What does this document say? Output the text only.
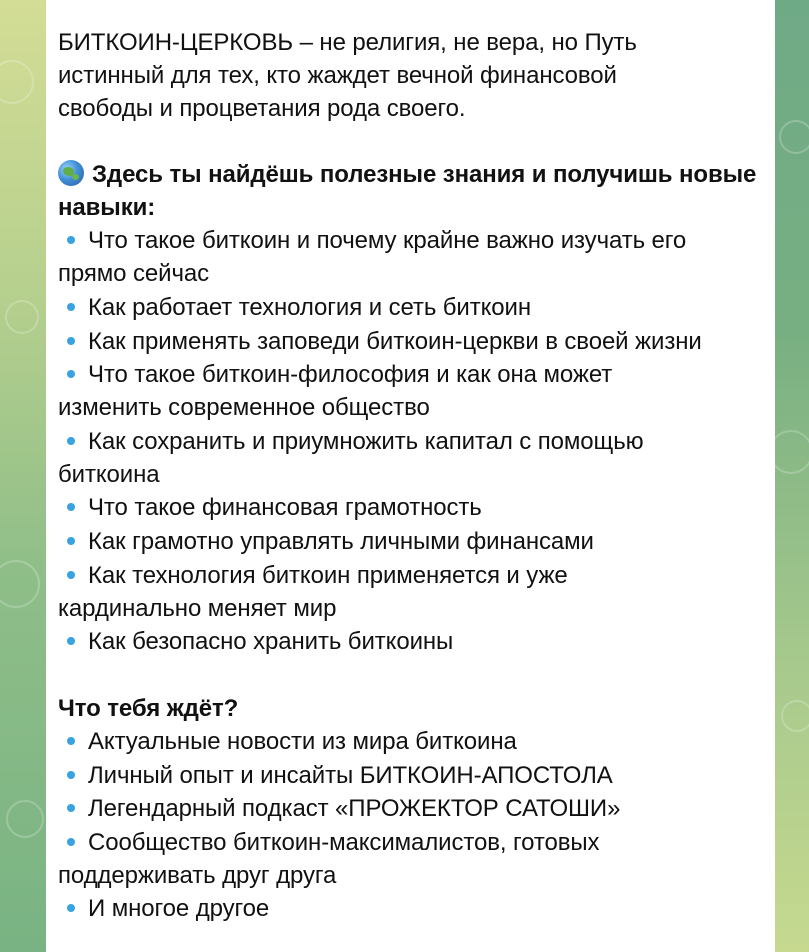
БИТКОИН-ЦЕРКОВЬ – не религия, не вера, но Путь
истинный для тех, кто жаждет вечной финансовой
свободы и процветания рода своего.
Здесь ты найдёшь полезные знания и получишь новые
навыки:
Что такое биткоин и почему крайне важно изучать его
прямо сейчас
Как работает технология и сеть биткоин
Как применять заповеди биткоин-церкви в своей жизни
Что такое биткоин-философия и как она может
изменить современное общество
Как сохранить и приумножить капитал с помощью
биткоина
Что такое финансовая грамотность
Как грамотно управлять личными финансами
Как технология биткоин применяется и уже
кардинально меняет мир
Как безопасно хранить биткоины
Что тебя ждёт?
Актуальные новости из мира биткоина
Личный опыт и инсайты БИТКОИН-АПОСТОЛА
Легендарный подкаст «ПРОЖЕКТОР САТОШИ»
Сообщество биткоин-максималистов, готовых
поддерживать друг друга
И многое другое
